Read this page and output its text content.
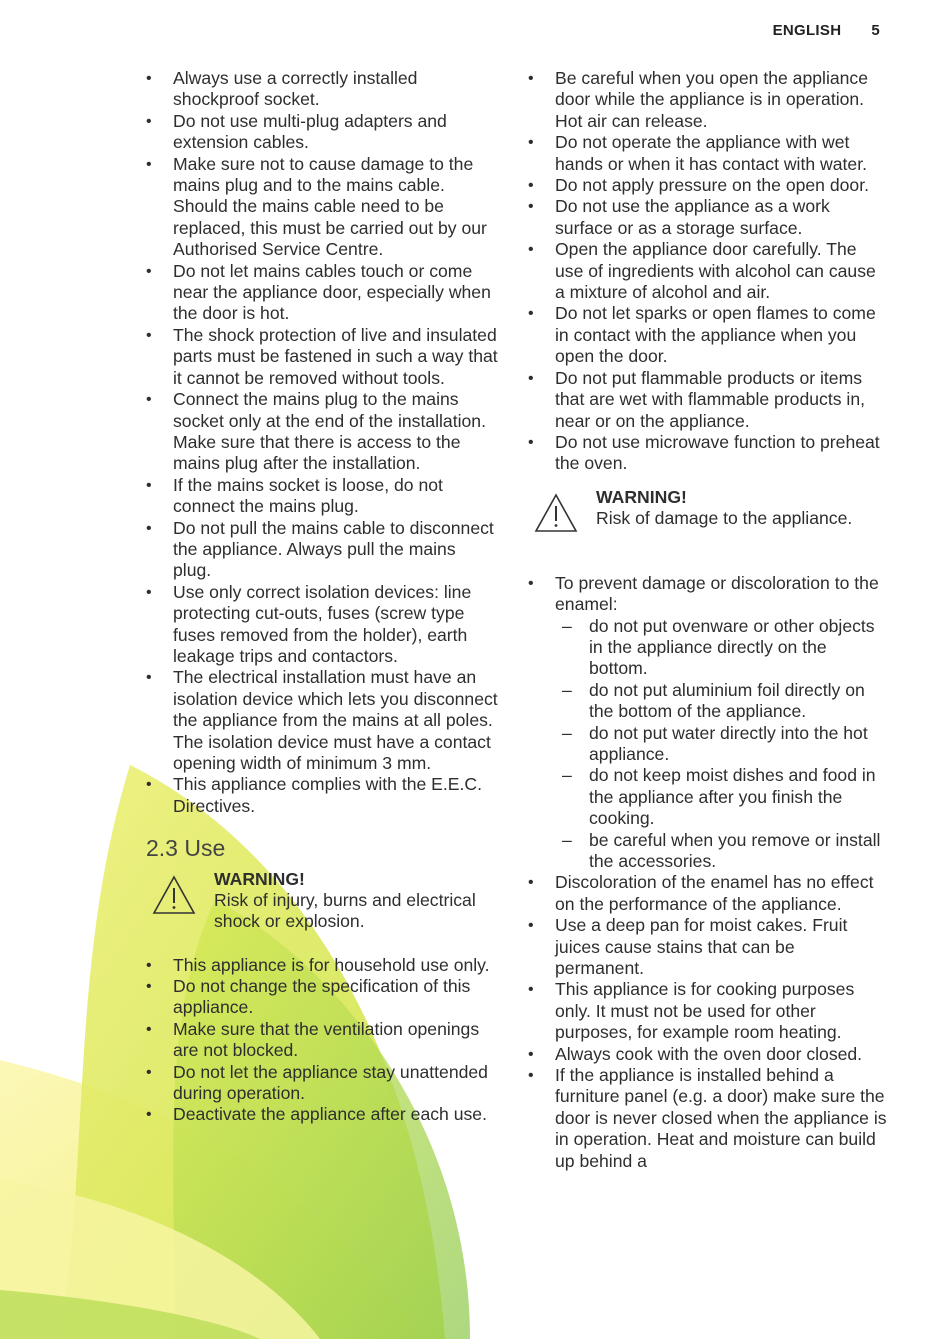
ENGLISH 5
• Always use a correctly installed shockproof socket.
• Do not use multi-plug adapters and extension cables.
• Make sure not to cause damage to the mains plug and to the mains cable. Should the mains cable need to be replaced, this must be carried out by our Authorised Service Centre.
• Do not let mains cables touch or come near the appliance door, especially when the door is hot.
• The shock protection of live and insulated parts must be fastened in such a way that it cannot be removed without tools.
• Connect the mains plug to the mains socket only at the end of the installation. Make sure that there is access to the mains plug after the installation.
• If the mains socket is loose, do not connect the mains plug.
• Do not pull the mains cable to disconnect the appliance. Always pull the mains plug.
• Use only correct isolation devices: line protecting cut-outs, fuses (screw type fuses removed from the holder), earth leakage trips and contactors.
• The electrical installation must have an isolation device which lets you disconnect the appliance from the mains at all poles. The isolation device must have a contact opening width of minimum 3 mm.
• This appliance complies with the E.E.C. Directives.
2.3 Use
WARNING!
Risk of injury, burns and electrical shock or explosion.
• This appliance is for household use only.
• Do not change the specification of this appliance.
• Make sure that the ventilation openings are not blocked.
• Do not let the appliance stay unattended during operation.
• Deactivate the appliance after each use.
• Be careful when you open the appliance door while the appliance is in operation. Hot air can release.
• Do not operate the appliance with wet hands or when it has contact with water.
• Do not apply pressure on the open door.
• Do not use the appliance as a work surface or as a storage surface.
• Open the appliance door carefully. The use of ingredients with alcohol can cause a mixture of alcohol and air.
• Do not let sparks or open flames to come in contact with the appliance when you open the door.
• Do not put flammable products or items that are wet with flammable products in, near or on the appliance.
• Do not use microwave function to preheat the oven.
WARNING!
Risk of damage to the appliance.
• To prevent damage or discoloration to the enamel:
– do not put ovenware or other objects in the appliance directly on the bottom.
– do not put aluminium foil directly on the bottom of the appliance.
– do not put water directly into the hot appliance.
– do not keep moist dishes and food in the appliance after you finish the cooking.
– be careful when you remove or install the accessories.
• Discoloration of the enamel has no effect on the performance of the appliance.
• Use a deep pan for moist cakes. Fruit juices cause stains that can be permanent.
• This appliance is for cooking purposes only. It must not be used for other purposes, for example room heating.
• Always cook with the oven door closed.
• If the appliance is installed behind a furniture panel (e.g. a door) make sure the door is never closed when the appliance is in operation. Heat and moisture can build up behind a
